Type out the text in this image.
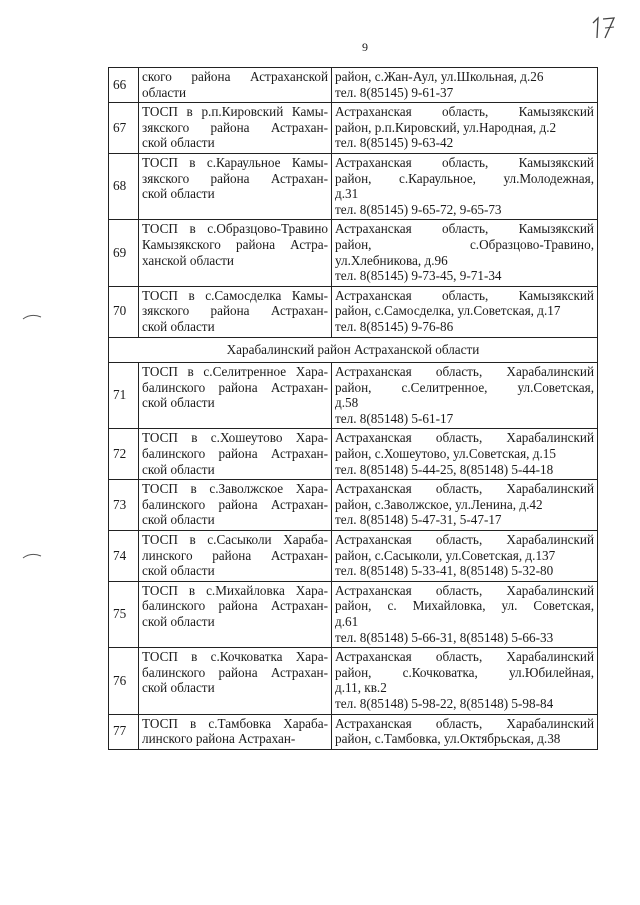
9
66	ского района Астраханской
области	район, с.Жан-Аул, ул.Школьная, д.26
тел. 8(85145) 9-61-37

67	ТОСП в р.п.Кировский Камы-
зякского района Астрахан-
ской области	Астраханская область, Камызякский
район, р.п.Кировский, ул.Народная, д.2
тел. 8(85145) 9-63-42

68	ТОСП в с.Караульное Камы-
зякского района Астрахан-
ской области	Астраханская область, Камызякский
район, с.Караульное, ул.Молодежная,
д.31
тел. 8(85145) 9-65-72, 9-65-73

69	ТОСП в с.Образцово-Травино
Камызякского района Астра-
ханской области	Астраханская область, Камызякский
район, с.Образцово-Травино,
ул.Хлебникова, д.96
тел. 8(85145) 9-73-45, 9-71-34

70	ТОСП в с.Самосделка Камы-
зякского района Астрахан-
ской области	Астраханская область, Камызякский
район, с.Самосделка, ул.Советская, д.17
тел. 8(85145) 9-76-86

Харабалинский район Астраханской области		
71	ТОСП в с.Селитренное Хара-
балинского района Астрахан-
ской области	Астраханская область, Харабалинский
район, с.Селитренное, ул.Советская,
д.58
тел. 8(85148) 5-61-17

72	ТОСП в с.Хошеутово Хара-
балинского района Астрахан-
ской области	Астраханская область, Харабалинский
район, с.Хошеутово, ул.Советская, д.15
тел. 8(85148) 5-44-25, 8(85148) 5-44-18

73	ТОСП в с.Заволжское Хара-
балинского района Астрахан-
ской области	Астраханская область, Харабалинский
район, с.Заволжское, ул.Ленина, д.42
тел. 8(85148) 5-47-31, 5-47-17

74	ТОСП в с.Сасыколи Хараба-
линского района Астрахан-
ской области	Астраханская область, Харабалинский
район, с.Сасыколи, ул.Советская, д.137
тел. 8(85148) 5-33-41, 8(85148) 5-32-80

75	ТОСП в с.Михайловка Хара-
балинского района Астрахан-
ской области	Астраханская область, Харабалинский
район, с. Михайловка, ул. Советская,
д.61
тел. 8(85148) 5-66-31, 8(85148) 5-66-33

76	ТОСП в с.Кочковатка Хара-
балинского района Астрахан-
ской области	Астраханская область, Харабалинский
район, с.Кочковатка, ул.Юбилейная,
д.11, кв.2
тел. 8(85148) 5-98-22, 8(85148) 5-98-84

77	ТОСП в с.Тамбовка Хараба-
линского района Астрахан-	Астраханская область, Харабалинский
район, с.Тамбовка, ул.Октябрьская, д.38
